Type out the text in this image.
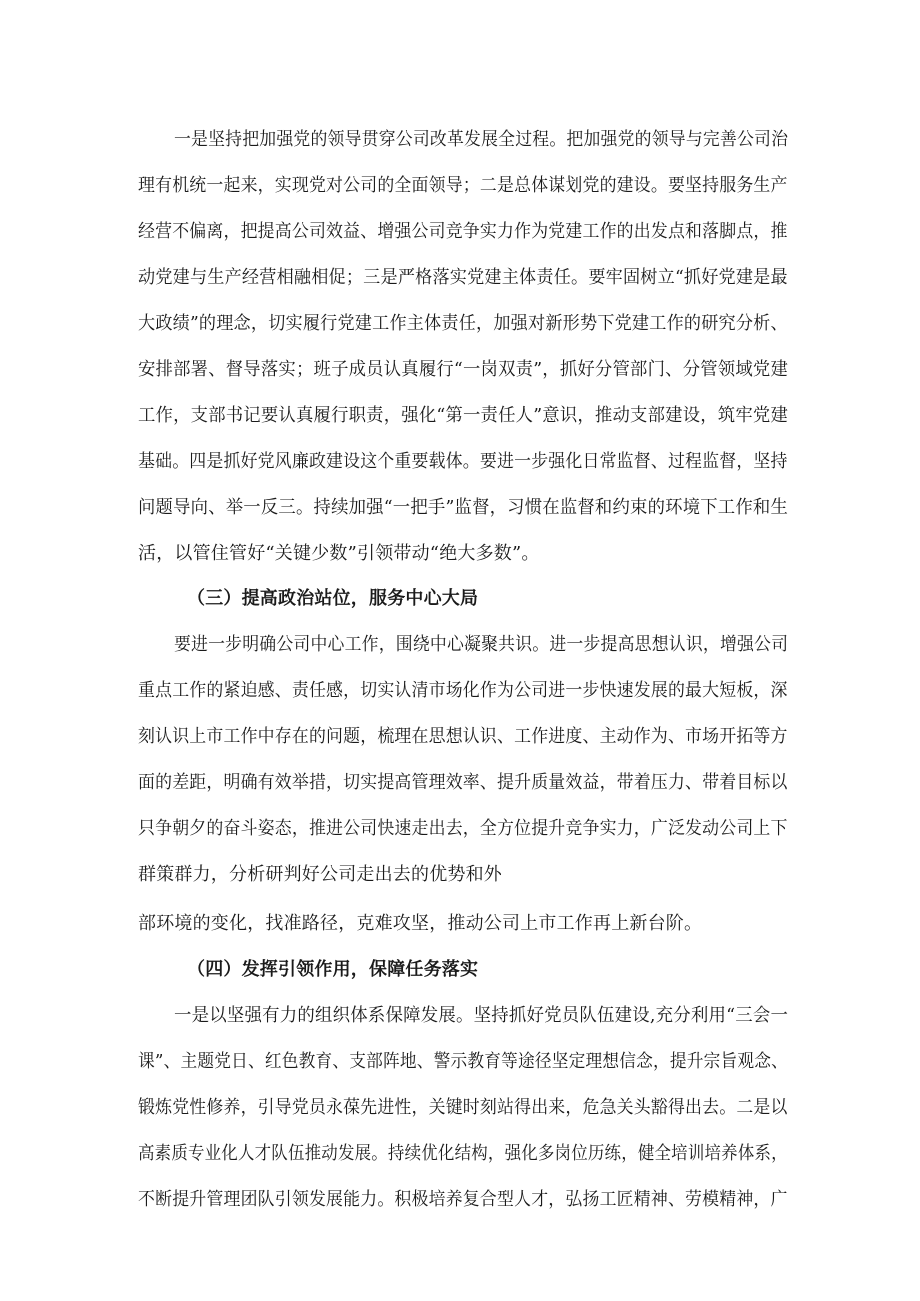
一是坚持把加强党的领导贯穿公司改革发展全过程。把加强党的领导与完善公司治
理有机统一起来，实现党对公司的全面领导；二是总体谋划党的建设。要坚持服务生产
经营不偏离，把提高公司效益、增强公司竞争实力作为党建工作的出发点和落脚点，推
动党建与生产经营相融相促；三是严格落实党建主体责任。要牢固树立“抓好党建是最
大政绩”的理念，切实履行党建工作主体责任，加强对新形势下党建工作的研究分析、
安排部署、督导落实；班子成员认真履行“一岗双责”，抓好分管部门、分管领域党建
工作，支部书记要认真履行职责，强化“第一责任人”意识，推动支部建设，筑牢党建
基础。四是抓好党风廉政建设这个重要载体。要进一步强化日常监督、过程监督，坚持
问题导向、举一反三。持续加强“一把手”监督，习惯在监督和约束的环境下工作和生
活，以管住管好“关键少数”引领带动“绝大多数”。
（三）提高政治站位，服务中心大局
要进一步明确公司中心工作，围绕中心凝聚共识。进一步提高思想认识，增强公司
重点工作的紧迫感、责任感，切实认清市场化作为公司进一步快速发展的最大短板，深
刻认识上市工作中存在的问题，梳理在思想认识、工作进度、主动作为、市场开拓等方
面的差距，明确有效举措，切实提高管理效率、提升质量效益，带着压力、带着目标以
只争朝夕的奋斗姿态，推进公司快速走出去，全方位提升竞争实力，广泛发动公司上下
群策群力，分析研判好公司走出去的优势和外
部环境的变化，找准路径，克难攻坚，推动公司上市工作再上新台阶。
（四）发挥引领作用，保障任务落实
一是以坚强有力的组织体系保障发展。坚持抓好党员队伍建设,充分利用“三会一
课”、主题党日、红色教育、支部阵地、警示教育等途径坚定理想信念，提升宗旨观念、
锻炼党性修养，引导党员永葆先进性，关键时刻站得出来，危急关头豁得出去。二是以
高素质专业化人才队伍推动发展。持续优化结构，强化多岗位历练，健全培训培养体系，
不断提升管理团队引领发展能力。积极培养复合型人才，弘扬工匠精神、劳模精神，广
